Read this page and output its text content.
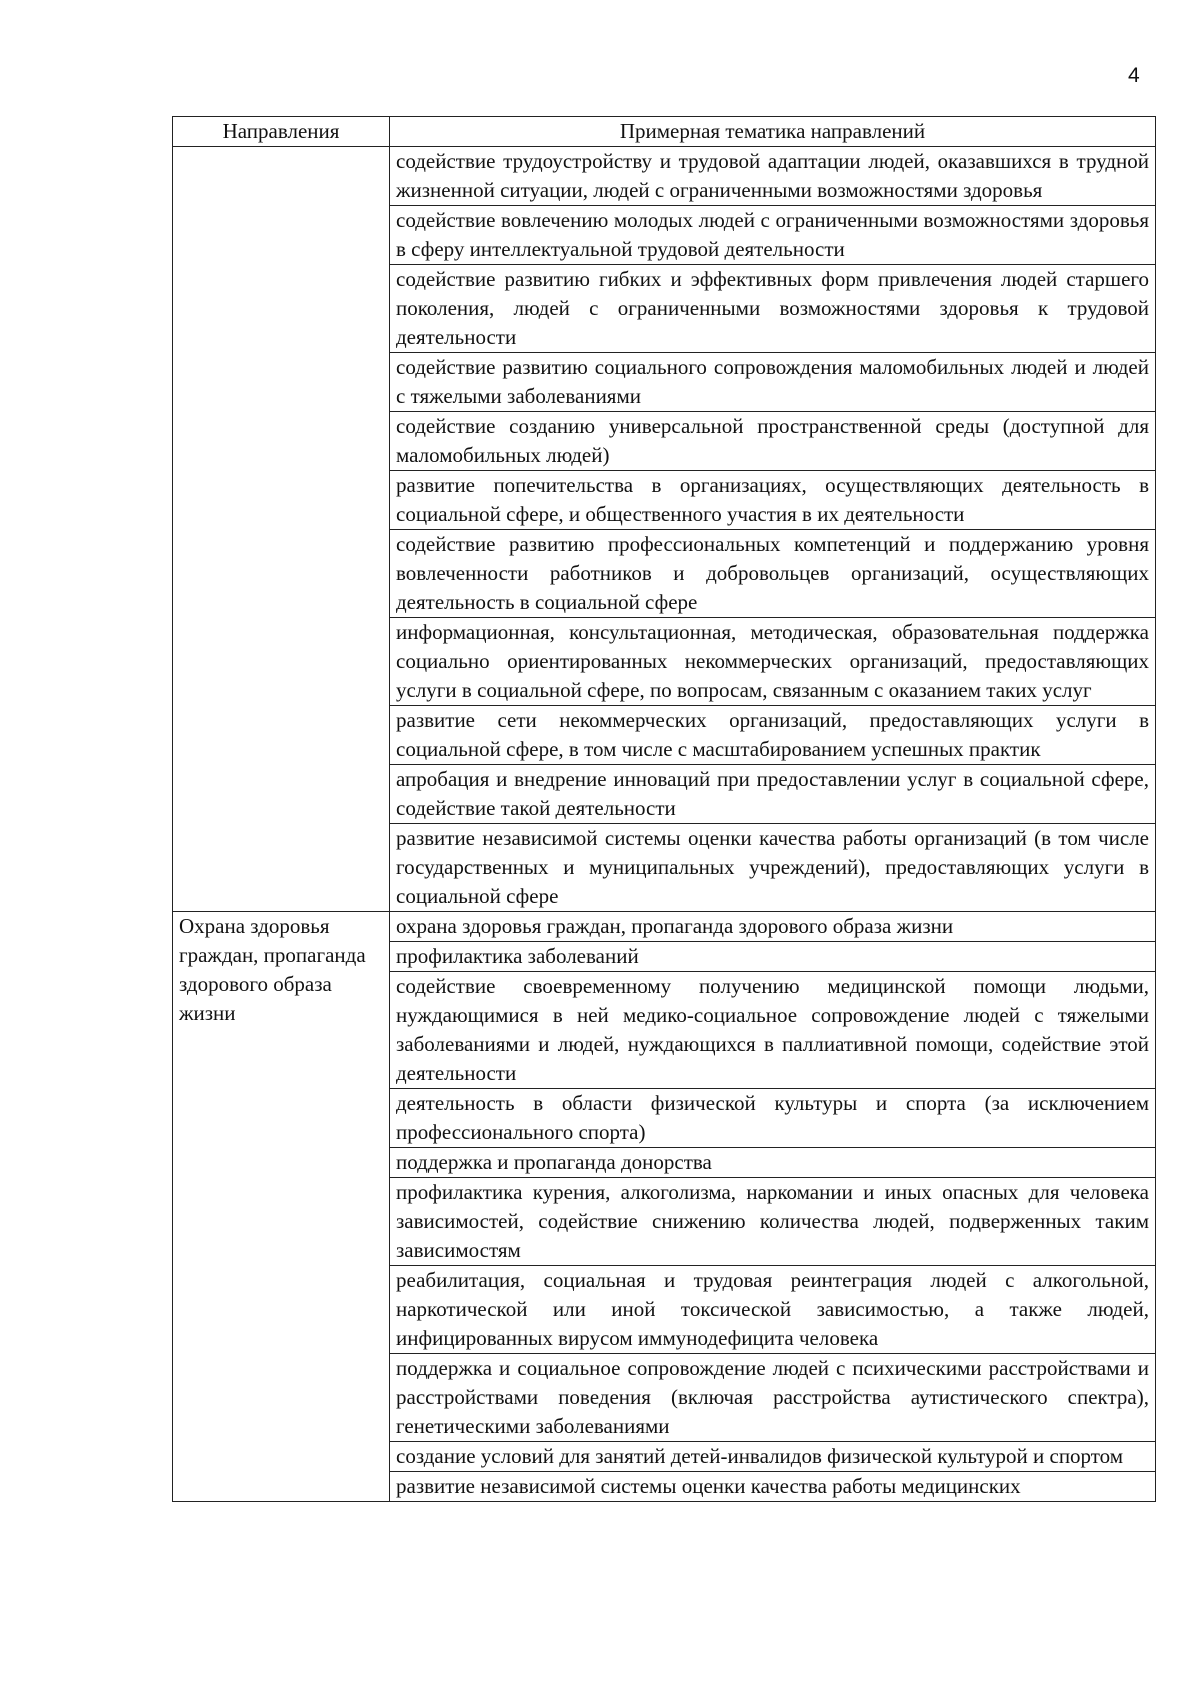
4
Направления	Примерная тематика направлений
	содействие трудоустройству и трудовой адаптации людей, оказавшихся в трудной жизненной ситуации, людей с ограниченными возможностями здоровья
	содействие вовлечению молодых людей с ограниченными возможностями здоровья в сферу интеллектуальной трудовой деятельности
	содействие развитию гибких и эффективных форм привлечения людей старшего поколения, людей с ограниченными возможностями здоровья к трудовой деятельности
	содействие развитию социального сопровождения маломобильных людей и людей с тяжелыми заболеваниями
	содействие созданию универсальной пространственной среды (доступной для маломобильных людей)
	развитие попечительства в организациях, осуществляющих деятельность в социальной сфере, и общественного участия в их деятельности
	содействие развитию профессиональных компетенций и поддержанию уровня вовлеченности работников и добровольцев организаций, осуществляющих деятельность в социальной сфере
	информационная, консультационная, методическая, образовательная поддержка социально ориентированных некоммерческих организаций, предоставляющих услуги в социальной сфере, по вопросам, связанным с оказанием таких услуг
	развитие сети некоммерческих организаций, предоставляющих услуги в социальной сфере, в том числе с масштабированием успешных практик
	апробация и внедрение инноваций при предоставлении услуг в социальной сфере, содействие такой деятельности
	развитие независимой системы оценки качества работы организаций (в том числе государственных и муниципальных учреждений), предоставляющих услуги в социальной сфере
Охрана здоровья граждан, пропаганда здорового образа жизни	охрана здоровья граждан, пропаганда здорового образа жизни
	профилактика заболеваний
	содействие своевременному получению медицинской помощи людьми, нуждающимися в ней медико-социальное сопровождение людей с тяжелыми заболеваниями и людей, нуждающихся в паллиативной помощи, содействие этой деятельности
	деятельность в области физической культуры и спорта (за исключением профессионального спорта)
	поддержка и пропаганда донорства
	профилактика курения, алкоголизма, наркомании и иных опасных для человека зависимостей, содействие снижению количества людей, подверженных таким зависимостям
	реабилитация, социальная и трудовая реинтеграция людей с алкогольной, наркотической или иной токсической зависимостью, а также людей, инфицированных вирусом иммунодефицита человека
	поддержка и социальное сопровождение людей с психическими расстройствами и расстройствами поведения (включая расстройства аутистического спектра), генетическими заболеваниями
	создание условий для занятий детей-инвалидов физической культурой и спортом
	развитие независимой системы оценки качества работы медицинских
